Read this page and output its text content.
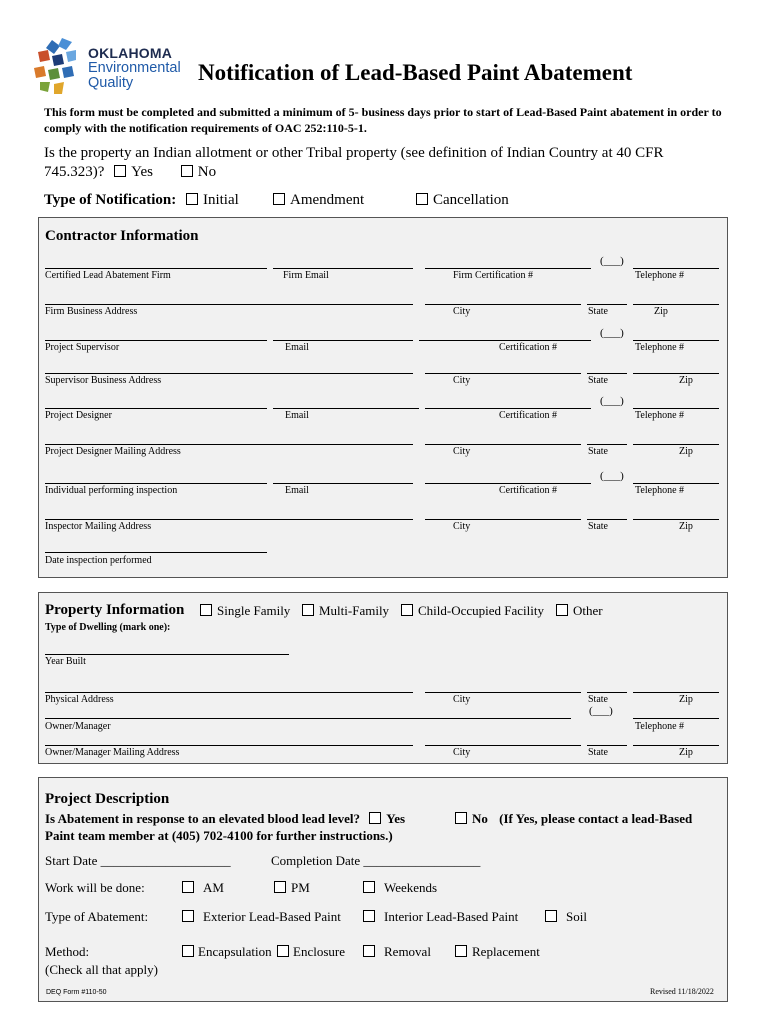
OKLAHOMA
Environmental
Quality	Notification of Lead-Based Paint Abatement
This form must be completed and submitted a minimum of 5- business days prior to start of Lead-Based Paint abatement in order to comply with the notification requirements of OAC 252:110-5-1.
Is the property an Indian allotment or other Tribal property (see definition of Indian Country at 40 CFR 745.323)? Yes	No
Type of Notification: Initial	Amendment	Cancellation
Contractor Information
(___)
Certified Lead Abatement Firm	Firm Email	Firm Certification #	Telephone #
Firm Business Address	City	State	Zip
(___)
Project Supervisor	Email	Certification #	Telephone #
Supervisor Business Address	City	State	Zip
(___)
Project Designer	Email	Certification #	Telephone #
Project Designer Mailing Address	City	State	Zip
(___)
Individual performing inspection	Email	Certification #	Telephone #
Inspector Mailing Address	City	State	Zip
Date inspection performed
Property Information	Single Family	Multi-Family	Child-Occupied Facility	Other
Type of Dwelling (mark one):
Year Built
Physical Address	City	State	Zip
(___)
Owner/Manager	Telephone #
Owner/Manager Mailing Address	City	State	Zip
Project Description
Is Abatement in response to an elevated blood lead level? Yes	No (If Yes, please contact a lead-Based
Paint team member at (405) 702-4100 for further instructions.)
Start Date ____________________	Completion Date __________________
Work will be done:	AM	PM	Weekends
Type of Abatement:	Exterior Lead-Based Paint	Interior Lead-Based Paint	Soil
Method:
(Check all that apply)
Encapsulation	Enclosure	Removal	Replacement
DEQ Form #110-50	Revised 11/18/2022
